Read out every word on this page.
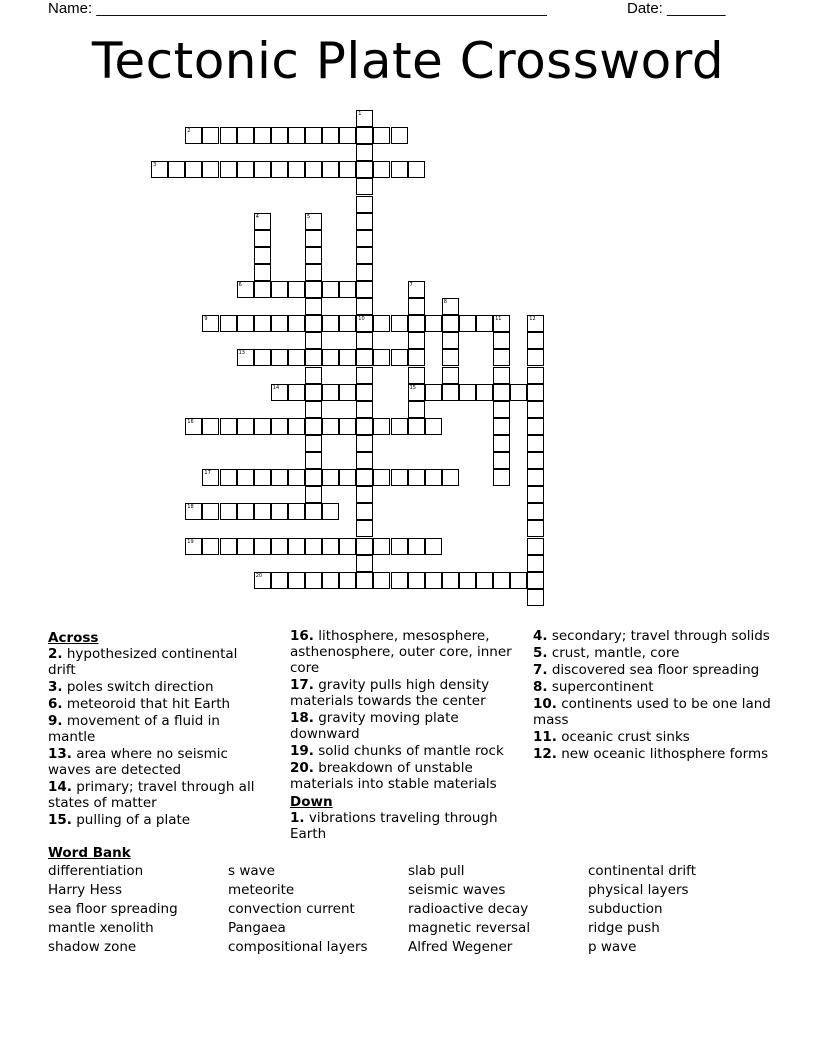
Name: ______________________________________________________	Date: _______
Tectonic Plate Crossword
1
2
3
4	5
6	7
15
8
9	10	11	12
13
14
16
17
18
19
20
Across
2. hypothesized continental drift
3. poles switch direction
6. meteoroid that hit Earth
9. movement of a fluid in mantle
13. area where no seismic waves are detected
14. primary; travel through all states of matter
15. pulling of a plate
16. lithosphere, mesosphere, asthenosphere, outer core, inner core
17. gravity pulls high density materials towards the center
18. gravity moving plate downward
19. solid chunks of mantle rock
20. breakdown of unstable materials into stable materials
Down
1. vibrations traveling through Earth
4. secondary; travel through solids
5. crust, mantle, core
7. discovered sea floor spreading
8. supercontinent
10. continents used to be one land mass
11. oceanic crust sinks
12. new oceanic lithosphere forms
Word Bank
differentiation	s wave	slab pull	continental drift
Harry Hess	meteorite	seismic waves	physical layers
sea floor spreading	convection current	radioactive decay	subduction
mantle xenolith	Pangaea	magnetic reversal	ridge push
shadow zone	compositional layers	Alfred Wegener	p wave
